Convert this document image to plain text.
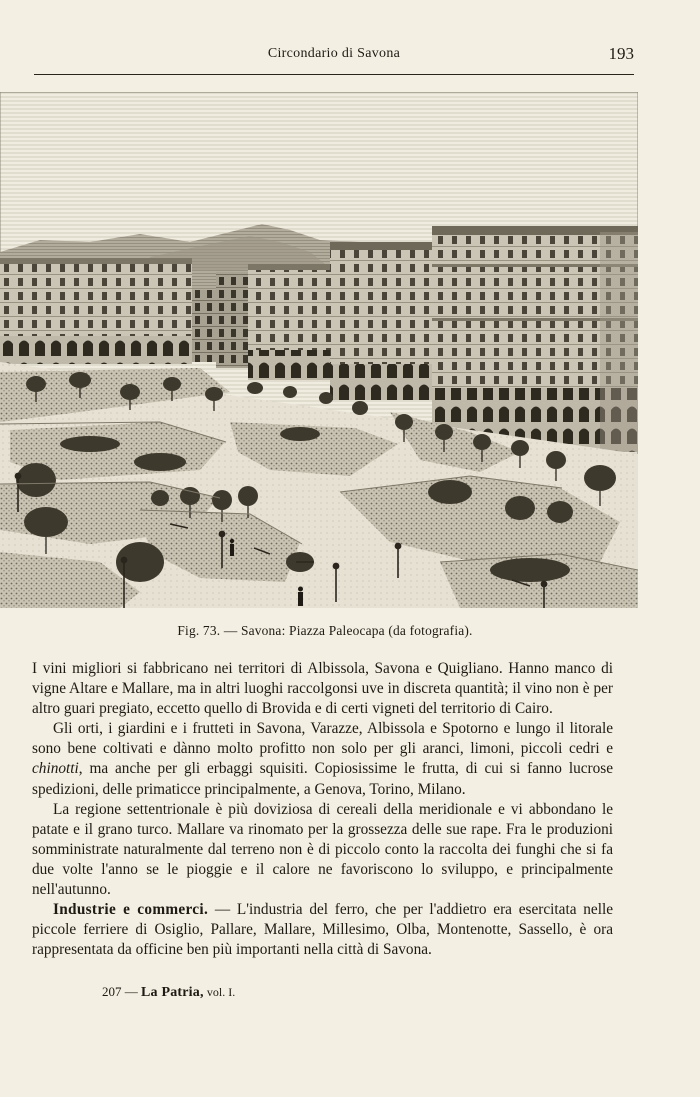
Circondario di Savona	193
Fig. 73. — Savona: Piazza Paleocapa (da fotografia).

I vini migliori si fabbricano nei territori di Albissola, Savona e Quigliano. Hanno manco di vigne Altare e Mallare, ma in altri luoghi raccolgonsi uve in discreta quantità; il vino non è per altro guari pregiato, eccetto quello di Brovida e di certi vigneti del territorio di Cairo.

Gli orti, i giardini e i frutteti in Savona, Varazze, Albissola e Spotorno e lungo il litorale sono bene coltivati e dànno molto profitto non solo per gli aranci, limoni, piccoli cedri e chinotti, ma anche per gli erbaggi squisiti. Copiosissime le frutta, di cui si fanno lucrose spedizioni, delle primaticce principalmente, a Genova, Torino, Milano.

La regione settentrionale è più doviziosa di cereali della meridionale e vi abbondano le patate e il grano turco. Mallare va rinomato per la grossezza delle sue rape. Fra le produzioni somministrate naturalmente dal terreno non è di piccolo conto la raccolta dei funghi che si fa due volte l'anno se le pioggie e il calore ne favoriscono lo sviluppo, e principalmente nell'autunno.

Industrie e commerci. — L'industria del ferro, che per l'addietro era esercitata nelle piccole ferriere di Osiglio, Pallare, Mallare, Millesimo, Olba, Montenotte, Sassello, è ora rappresentata da officine ben più importanti nella città di Savona.

207 — La Patria, vol. I.
